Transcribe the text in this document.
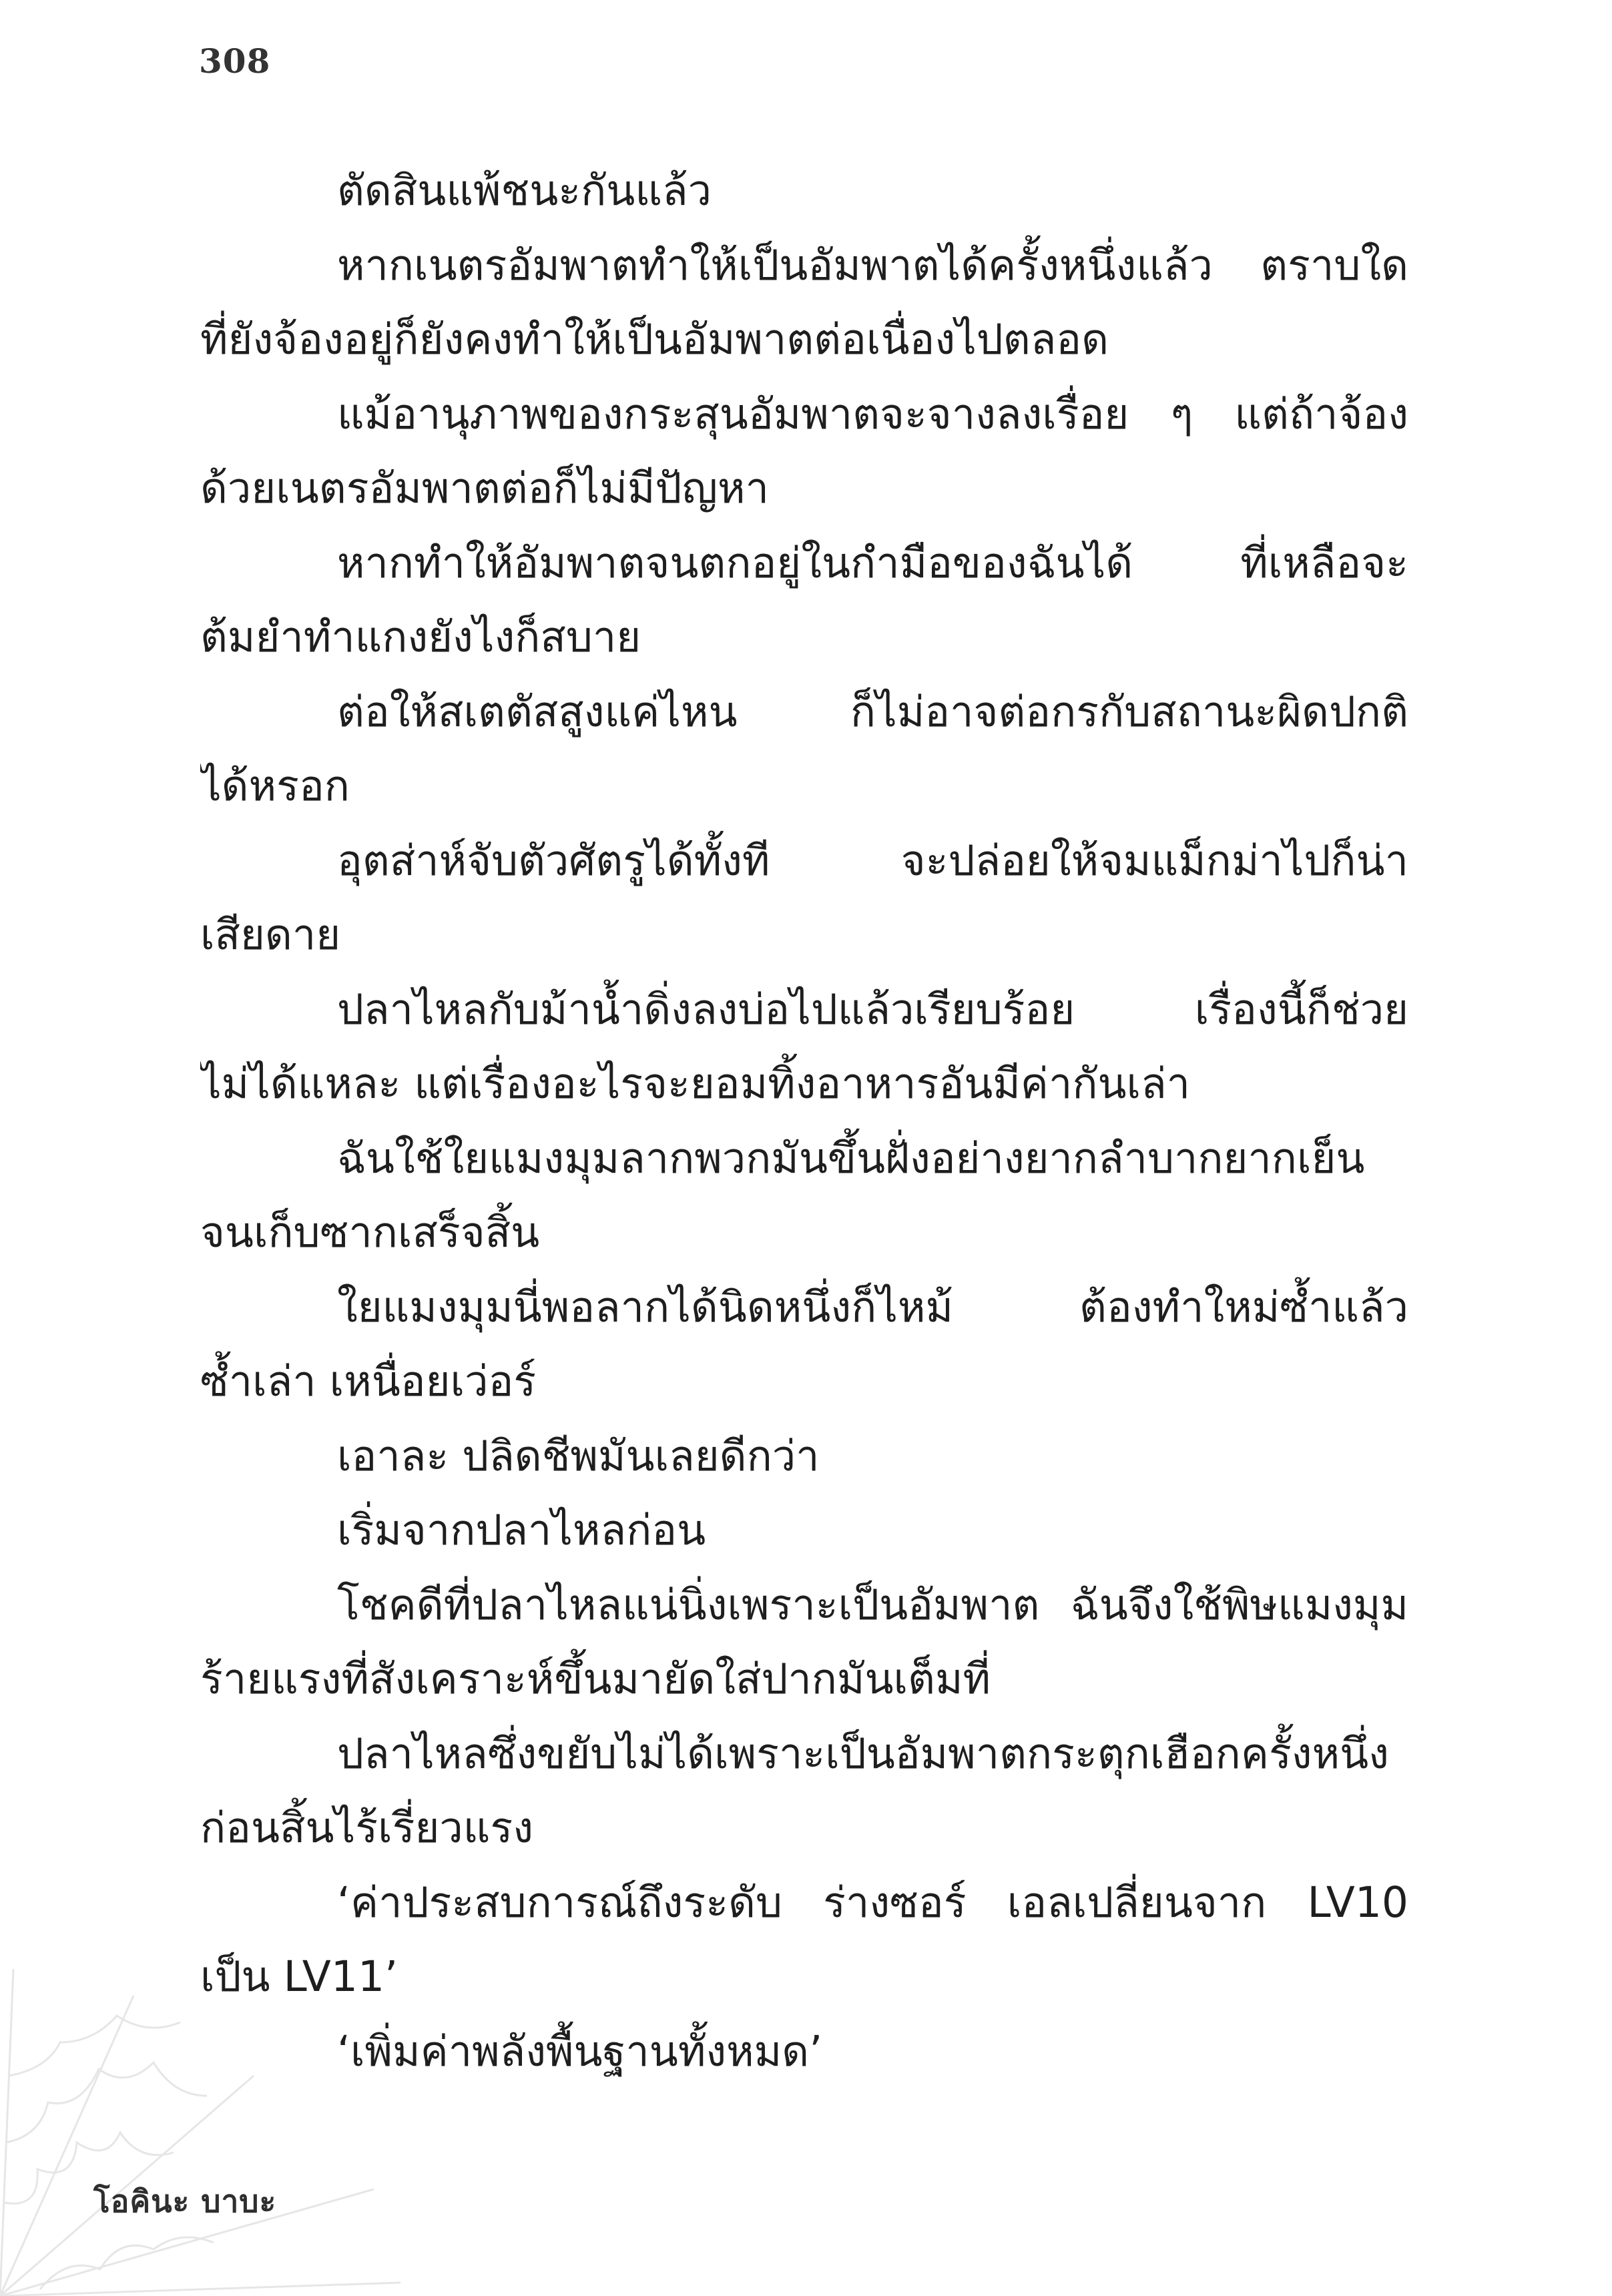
308
ตัดสินแพ้ชนะกันแล้ว
หากเนตรอัมพาตทำให้เป็นอัมพาตได้ครั้งหนึ่งแล้ว ตราบใด
ที่ยังจ้องอยู่ก็ยังคงทำให้เป็นอัมพาตต่อเนื่องไปตลอด
แม้อานุภาพของกระสุนอัมพาตจะจางลงเรื่อย ๆ แต่ถ้าจ้อง
ด้วยเนตรอัมพาตต่อก็ไม่มีปัญหา
หากทำให้อัมพาตจนตกอยู่ในกำมือของฉันได้ ที่เหลือจะ
ต้มยำทำแกงยังไงก็สบาย
ต่อให้สเตตัสสูงแค่ไหน ก็ไม่อาจต่อกรกับสถานะผิดปกติ
ได้หรอก
อุตส่าห์จับตัวศัตรูได้ทั้งที จะปล่อยให้จมแม็กม่าไปก็น่า
เสียดาย
ปลาไหลกับม้าน้ำดิ่งลงบ่อไปแล้วเรียบร้อย เรื่องนี้ก็ช่วย
ไม่ได้แหละ แต่เรื่องอะไรจะยอมทิ้งอาหารอันมีค่ากันเล่า
ฉันใช้ใยแมงมุมลากพวกมันขึ้นฝั่งอย่างยากลำบากยากเย็น
จนเก็บซากเสร็จสิ้น
ใยแมงมุมนี่พอลากได้นิดหนึ่งก็ไหม้ ต้องทำใหม่ซ้ำแล้ว
ซ้ำเล่า เหนื่อยเว่อร์
เอาละ ปลิดชีพมันเลยดีกว่า
เริ่มจากปลาไหลก่อน
โชคดีที่ปลาไหลแน่นิ่งเพราะเป็นอัมพาต ฉันจึงใช้พิษแมงมุม
ร้ายแรงที่สังเคราะห์ขึ้นมายัดใส่ปากมันเต็มที่
ปลาไหลซึ่งขยับไม่ได้เพราะเป็นอัมพาตกระตุกเฮือกครั้งหนึ่ง
ก่อนสิ้นไร้เรี่ยวแรง
‘ค่าประสบการณ์ถึงระดับ ร่างซอร์ เอลเปลี่ยนจาก LV10
เป็น LV11’
‘เพิ่มค่าพลังพื้นฐานทั้งหมด’
โอคินะ บาบะ
